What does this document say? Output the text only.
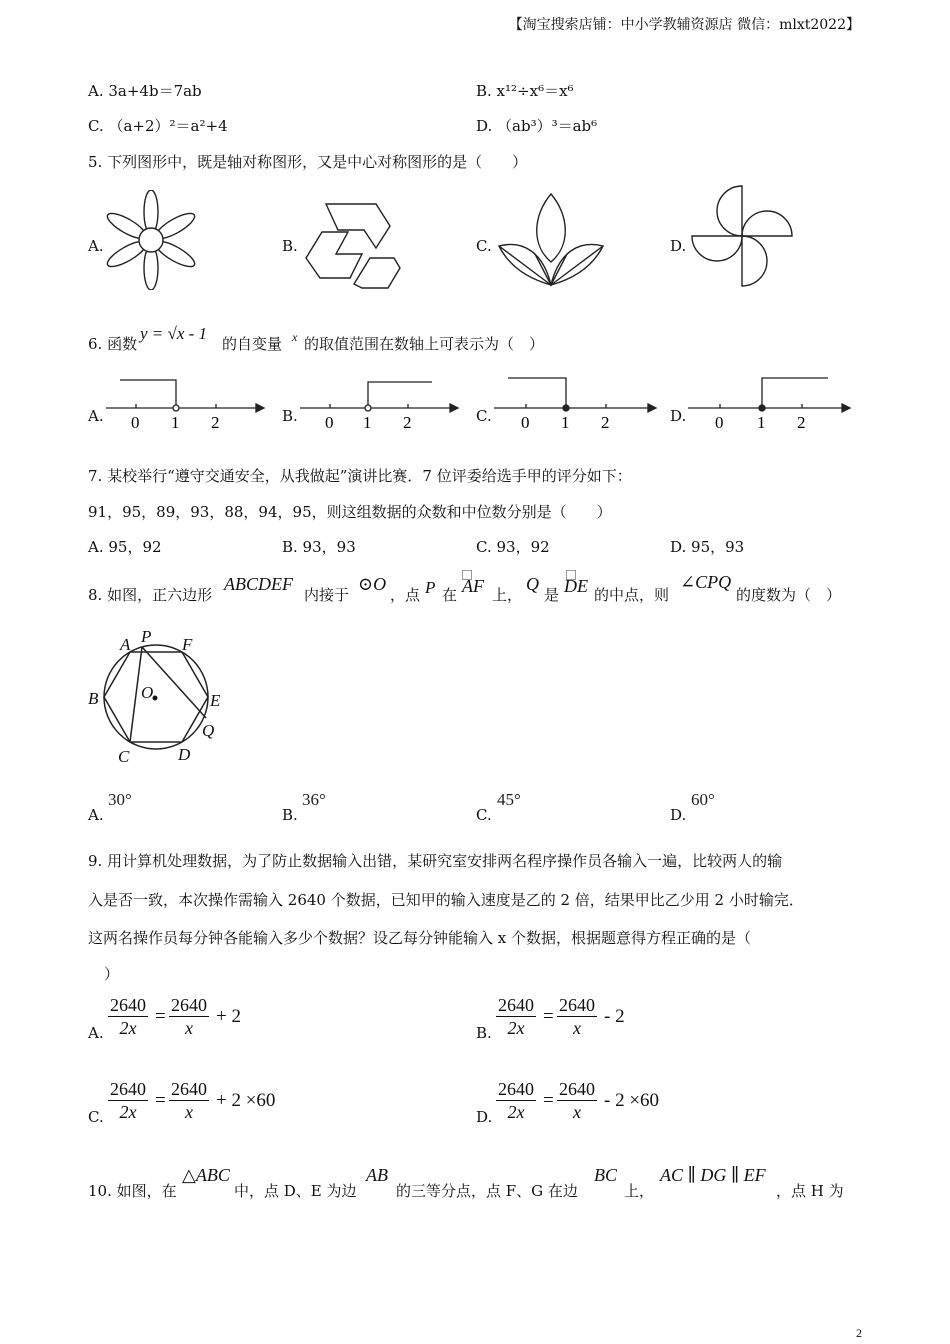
【淘宝搜索店铺：中小学教辅资源店 微信：mlxt2022】
A. 3a+4b＝7ab	B. x¹²÷x⁶＝x⁶
C. （a+2）²＝a²+4	D. （ab³）³＝ab⁶
5. 下列图形中，既是轴对称图形，又是中心对称图形的是（　　）
A.	B.	C.	D.
6. 函数
y = √x - 1
的自变量 x 的取值范围在数轴上可表示为（　）
A.	B.	C.	D.
0 1 2	0 1 2	0 1 2	0 1 2
7. 某校举行“遵守交通安全，从我做起”演讲比赛．7 位评委给选手甲的评分如下：
91，95，89，93，88，94，95，则这组数据的众数和中位数分别是（　　）
A. 95，92	B. 93，93	C. 93，92	D. 95，93
8. 如图，正六边形
ABCDEF
内接于
⊙O
，点 P 在 AF 上，
Q
是 DE 的中点，则
∠CPQ
的度数为（　）
A P F
B	O	E
Q
C	D
A.
30°
B.
36°
C.
45°
D.
60°
9. 用计算机处理数据，为了防止数据输入出错，某研究室安排两名程序操作员各输入一遍，比较两人的输
入是否一致，本次操作需输入 2640 个数据，已知甲的输入速度是乙的 2 倍，结果甲比乙少用 2 小时输完．
这两名操作员每分钟各能输入多少个数据？设乙每分钟能输入 x 个数据，根据题意得方程正确的是（
）
A. $\frac{2640}{2x} = \frac{2640}{x} + 2$
B. $\frac{2640}{2x} = \frac{2640}{x} - 2$
C. $\frac{2640}{2x} = \frac{2640}{x} + 2 \times 60$
D. $\frac{2640}{2x} = \frac{2640}{x} - 2 \times 60$
10. 如图，在
△ABC
中，点 D、E 为边
AB
的三等分点，点 F、G 在边
BC
上，
AC ∥ DG ∥ EF
，点 H 为
2
